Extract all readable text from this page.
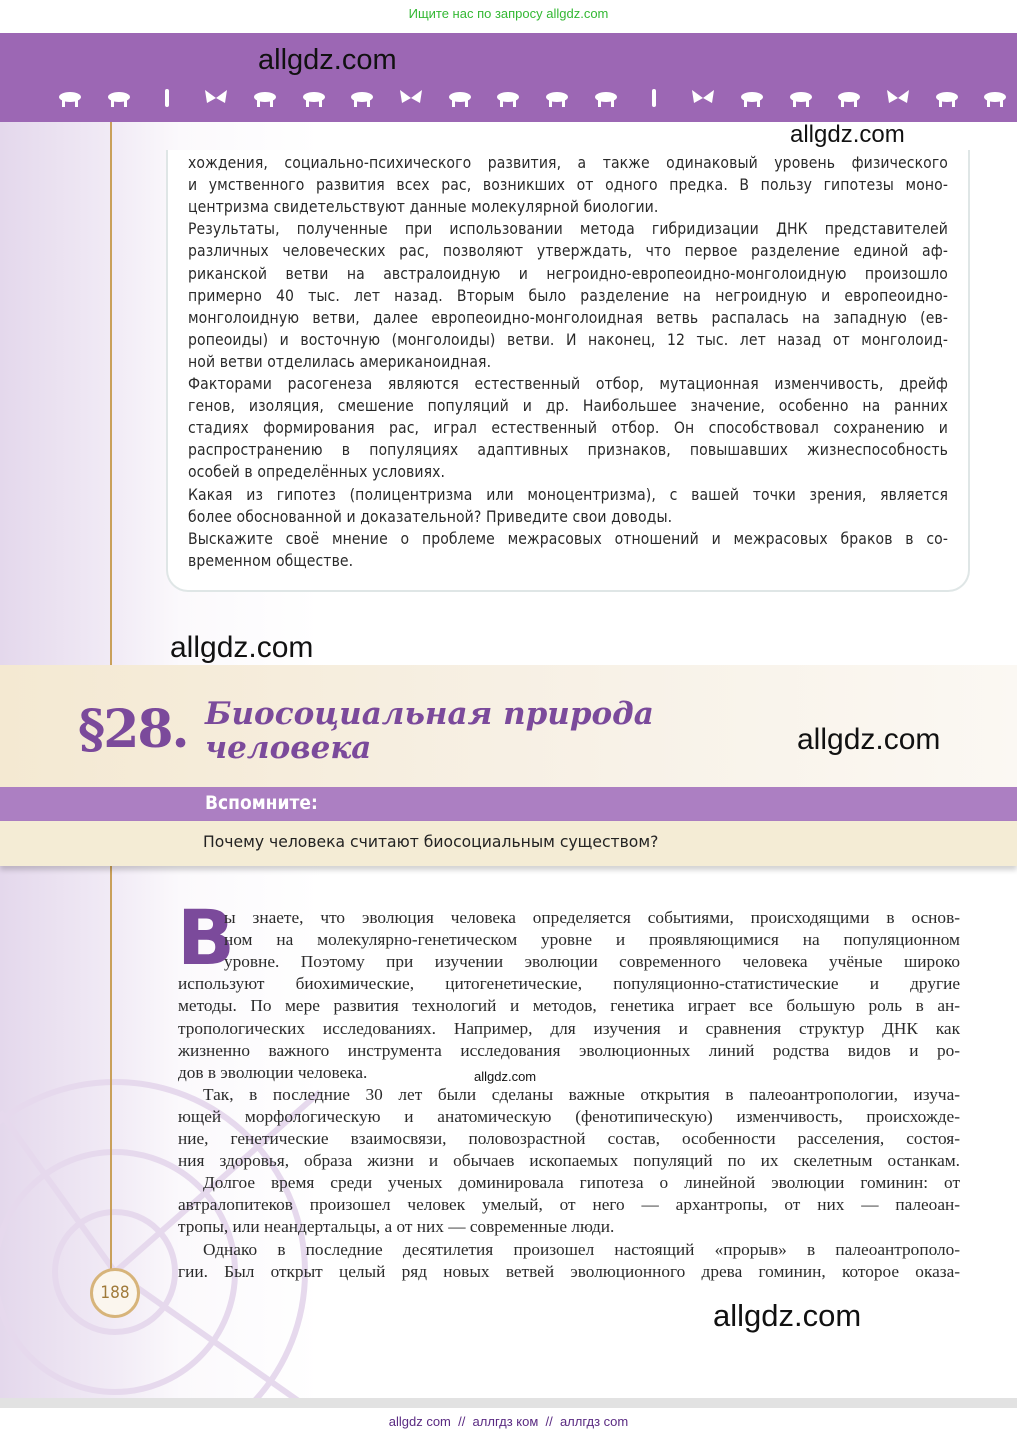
Ищите нас по запросу allgdz.com
allgdz.com
allgdz.com
хождения, социально-психического развития, а также одинаковый уровень физического
и умственного развития всех рас, возникших от одного предка. В пользу гипотезы моно-
центризма свидетельствуют данные молекулярной биологии.
Результаты, полученные при использовании метода гибридизации ДНК представителей
различных человеческих рас, позволяют утверждать, что первое разделение единой аф-
риканской ветви на австралоидную и негроидно-европеоидно-монголоидную произошло
примерно 40 тыс. лет назад. Вторым было разделение на негроидную и европеоидно-
монголоидную ветви, далее европеоидно-монголоидная ветвь распалась на западную (ев-
ропеоиды) и восточную (монголоиды) ветви. И наконец, 12 тыс. лет назад от монголоид-
ной ветви отделилась американоидная.
Факторами расогенеза являются естественный отбор, мутационная изменчивость, дрейф
генов, изоляция, смешение популяций и др. Наибольшее значение, особенно на ранних
стадиях формирования рас, играл естественный отбор. Он способствовал сохранению и
распространению в популяциях адаптивных признаков, повышавших жизнеспособность
особей в определённых условиях.
Какая из гипотез (полицентризма или моноцентризма), с вашей точки зрения, является
более обоснованной и доказательной? Приведите свои доводы.
Выскажите своё мнение о проблеме межрасовых отношений и межрасовых браков в со-
временном обществе.
allgdz.com
§28. Биосоциальная природа
человека	allgdz.com
Вспомните:
Почему человека считают биосоциальным существом?
В
ы знаете, что эволюция человека определяется событиями, происходящими в основ-
ном на молекулярно-генетическом уровне и проявляющимися на популяционном
уровне. Поэтому при изучении эволюции современного человека учёные широко
используют биохимические, цитогенетические, популяционно-статистические и другие
методы. По мере развития технологий и методов, генетика играет все большую роль в ан-
тропологических исследованиях. Например, для изучения и сравнения структур ДНК как
жизненно важного инструмента исследования эволюционных линий родства видов и ро-
дов в эволюции человека.
Так, в последние 30 лет были сделаны важные открытия в палеоантропологии, изуча-
ющей морфологическую и анатомическую (фенотипическую) изменчивость, происхожде-
ние, генетические взаимосвязи, половозрастной состав, особенности расселения, состоя-
ния здоровья, образа жизни и обычаев ископаемых популяций по их скелетным останкам.
Долгое время среди ученых доминировала гипотеза о линейной эволюции гоминин: от
автралопитеков произошел человек умелый, от него — архантропы, от них — палеоан-
тропы, или неандертальцы, а от них — современные люди.
Однако в последние десятилетия произошел настоящий «прорыв» в палеоантрополо-
гии. Был открыт целый ряд новых ветвей эволюционного древа гоминин, которое оказа-
allgdz.com
188
allgdz.com
allgdz com  //  аллгдз ком  //  аллгдз com
